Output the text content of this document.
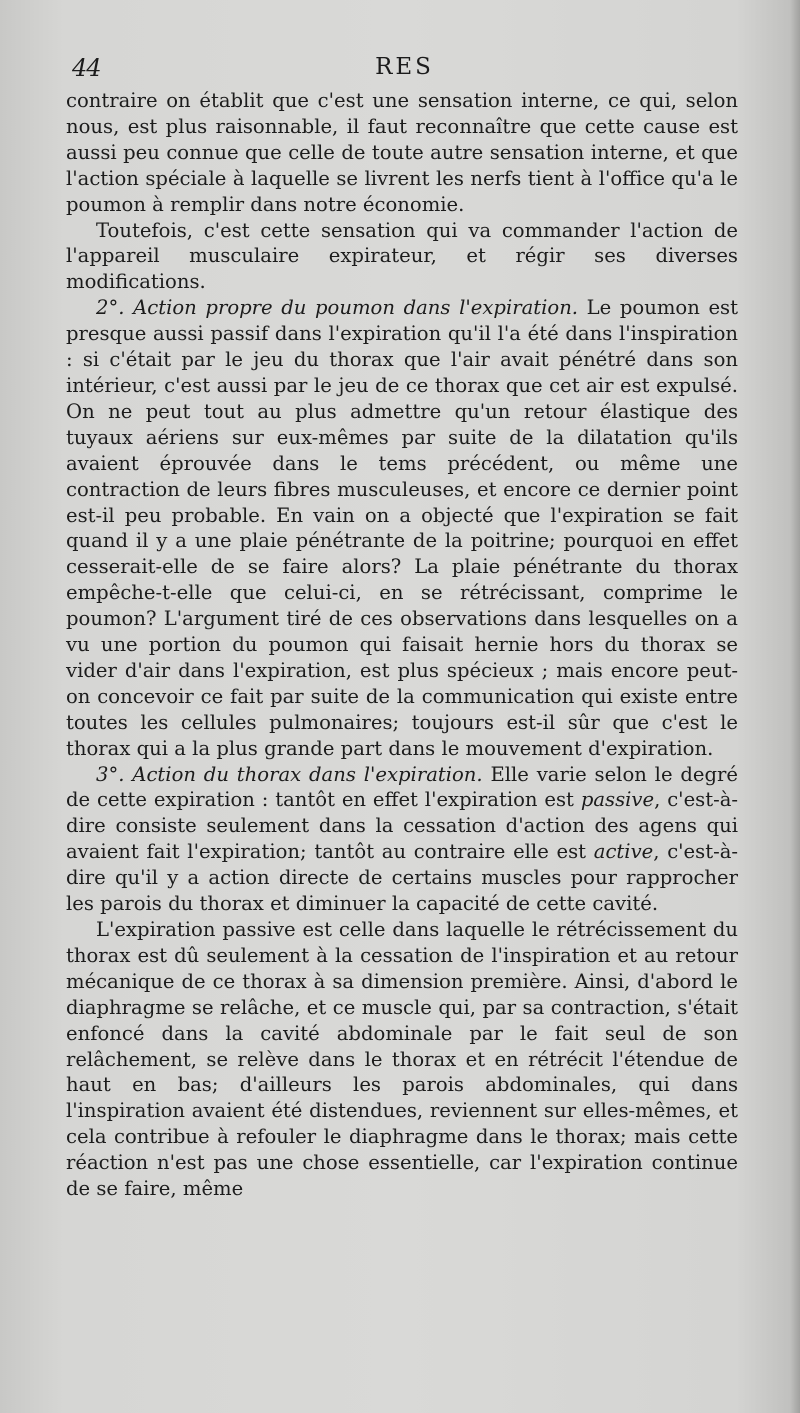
44	RES

contraire on établit que c'est une sensation interne, ce qui, selon nous, est plus raisonnable, il faut reconnaître que cette cause est aussi peu connue que celle de toute autre sensation interne, et que l'action spéciale à laquelle se livrent les nerfs tient à l'office qu'a le poumon à remplir dans notre économie.

Toutefois, c'est cette sensation qui va commander l'action de l'appareil musculaire expirateur, et régir ses diverses modifications.

2°. Action propre du poumon dans l'expiration. Le poumon est presque aussi passif dans l'expiration qu'il l'a été dans l'inspiration : si c'était par le jeu du thorax que l'air avait pénétré dans son intérieur, c'est aussi par le jeu de ce thorax que cet air est expulsé. On ne peut tout au plus admettre qu'un retour élastique des tuyaux aériens sur eux-mêmes par suite de la dilatation qu'ils avaient éprouvée dans le tems précédent, ou même une contraction de leurs fibres musculeuses, et encore ce dernier point est-il peu probable. En vain on a objecté que l'expiration se fait quand il y a une plaie pénétrante de la poitrine; pourquoi en effet cesserait-elle de se faire alors? La plaie pénétrante du thorax empêche-t-elle que celui-ci, en se rétrécissant, comprime le poumon? L'argument tiré de ces observations dans lesquelles on a vu une portion du poumon qui faisait hernie hors du thorax se vider d'air dans l'expiration, est plus spécieux ; mais encore peut-on concevoir ce fait par suite de la communication qui existe entre toutes les cellules pulmonaires; toujours est-il sûr que c'est le thorax qui a la plus grande part dans le mouvement d'expiration.

3°. Action du thorax dans l'expiration. Elle varie selon le degré de cette expiration : tantôt en effet l'expiration est passive, c'est-à-dire consiste seulement dans la cessation d'action des agens qui avaient fait l'expiration; tantôt au contraire elle est active, c'est-à-dire qu'il y a action directe de certains muscles pour rapprocher les parois du thorax et diminuer la capacité de cette cavité.

L'expiration passive est celle dans laquelle le rétrécissement du thorax est dû seulement à la cessation de l'inspiration et au retour mécanique de ce thorax à sa dimension première. Ainsi, d'abord le diaphragme se relâche, et ce muscle qui, par sa contraction, s'était enfoncé dans la cavité abdominale par le fait seul de son relâchement, se relève dans le thorax et en rétrécit l'étendue de haut en bas; d'ailleurs les parois abdominales, qui dans l'inspiration avaient été distendues, reviennent sur elles-mêmes, et cela contribue à refouler le diaphragme dans le thorax; mais cette réaction n'est pas une chose essentielle, car l'expiration continue de se faire, même
